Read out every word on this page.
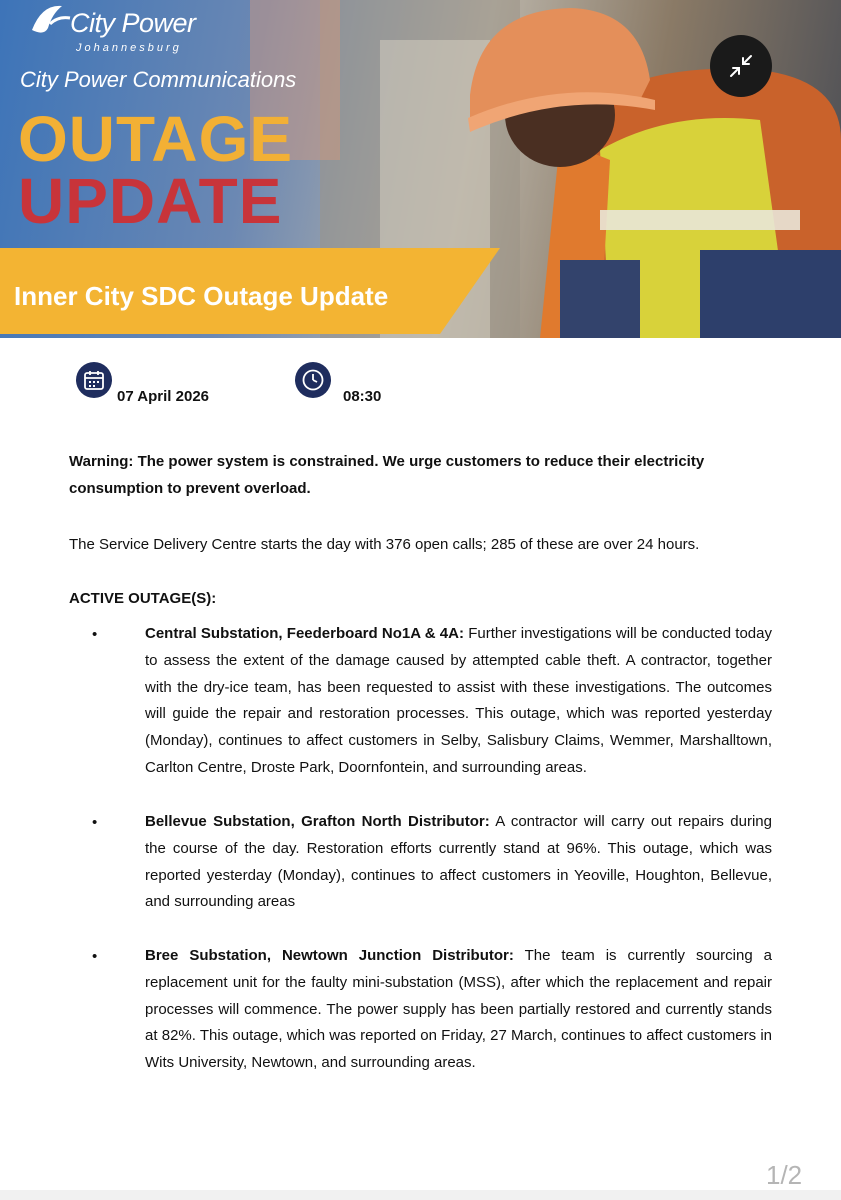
City Power
Johannesburg
City Power Communications
OUTAGE
UPDATE
Inner City SDC Outage Update
07 April 2026	08:30
Warning: The power system is constrained. We urge customers to reduce their electricity consumption to prevent overload.
The Service Delivery Centre starts the day with 376 open calls; 285 of these are over 24 hours.
ACTIVE OUTAGE(S):
•	Central Substation, Feederboard No1A & 4A: Further investigations will be conducted today to assess the extent of the damage caused by attempted cable theft. A contractor, together with the dry-ice team, has been requested to assist with these investigations. The outcomes will guide the repair and restoration processes. This outage, which was reported yesterday (Monday), continues to affect customers in Selby, Salisbury Claims, Wemmer, Marshalltown, Carlton Centre, Droste Park, Doornfontein, and surrounding areas.
•	Bellevue Substation, Grafton North Distributor: A contractor will carry out repairs during the course of the day. Restoration efforts currently stand at 96%. This outage, which was reported yesterday (Monday), continues to affect customers in Yeoville, Houghton, Bellevue, and surrounding areas
•	Bree Substation, Newtown Junction Distributor: The team is currently sourcing a replacement unit for the faulty mini-substation (MSS), after which the replacement and repair processes will commence. The power supply has been partially restored and currently stands at 82%. This outage, which was reported on Friday, 27 March, continues to affect customers in Wits University, Newtown, and surrounding areas.
1/2
